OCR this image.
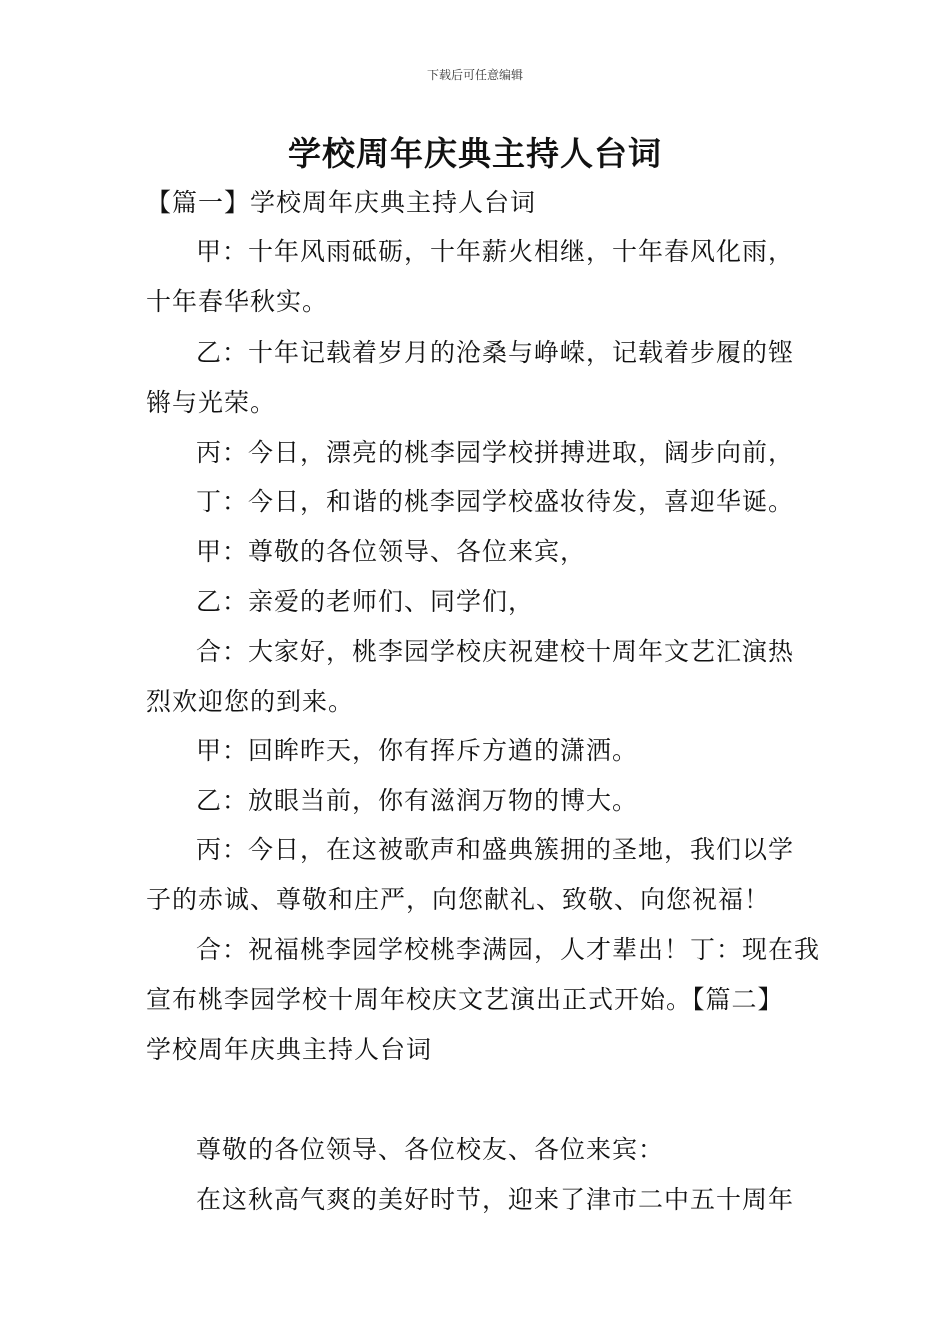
下载后可任意编辑
学校周年庆典主持人台词
【篇一】学校周年庆典主持人台词
甲：十年风雨砥砺，十年薪火相继，十年春风化雨，
十年春华秋实。
乙：十年记载着岁月的沧桑与峥嵘，记载着步履的铿
锵与光荣。
丙：今日，漂亮的桃李园学校拼搏进取，阔步向前，
丁：今日，和谐的桃李园学校盛妆待发，喜迎华诞。
甲：尊敬的各位领导、各位来宾，
乙：亲爱的老师们、同学们，
合：大家好，桃李园学校庆祝建校十周年文艺汇演热
烈欢迎您的到来。
甲：回眸昨天，你有挥斥方遒的潇洒。
乙：放眼当前，你有滋润万物的博大。
丙：今日，在这被歌声和盛典簇拥的圣地，我们以学
子的赤诚、尊敬和庄严，向您献礼、致敬、向您祝福！
合：祝福桃李园学校桃李满园，人才辈出！丁：现在我
宣布桃李园学校十周年校庆文艺演出正式开始。【篇二】
学校周年庆典主持人台词
尊敬的各位领导、各位校友、各位来宾：
在这秋高气爽的美好时节，迎来了津市二中五十周年
